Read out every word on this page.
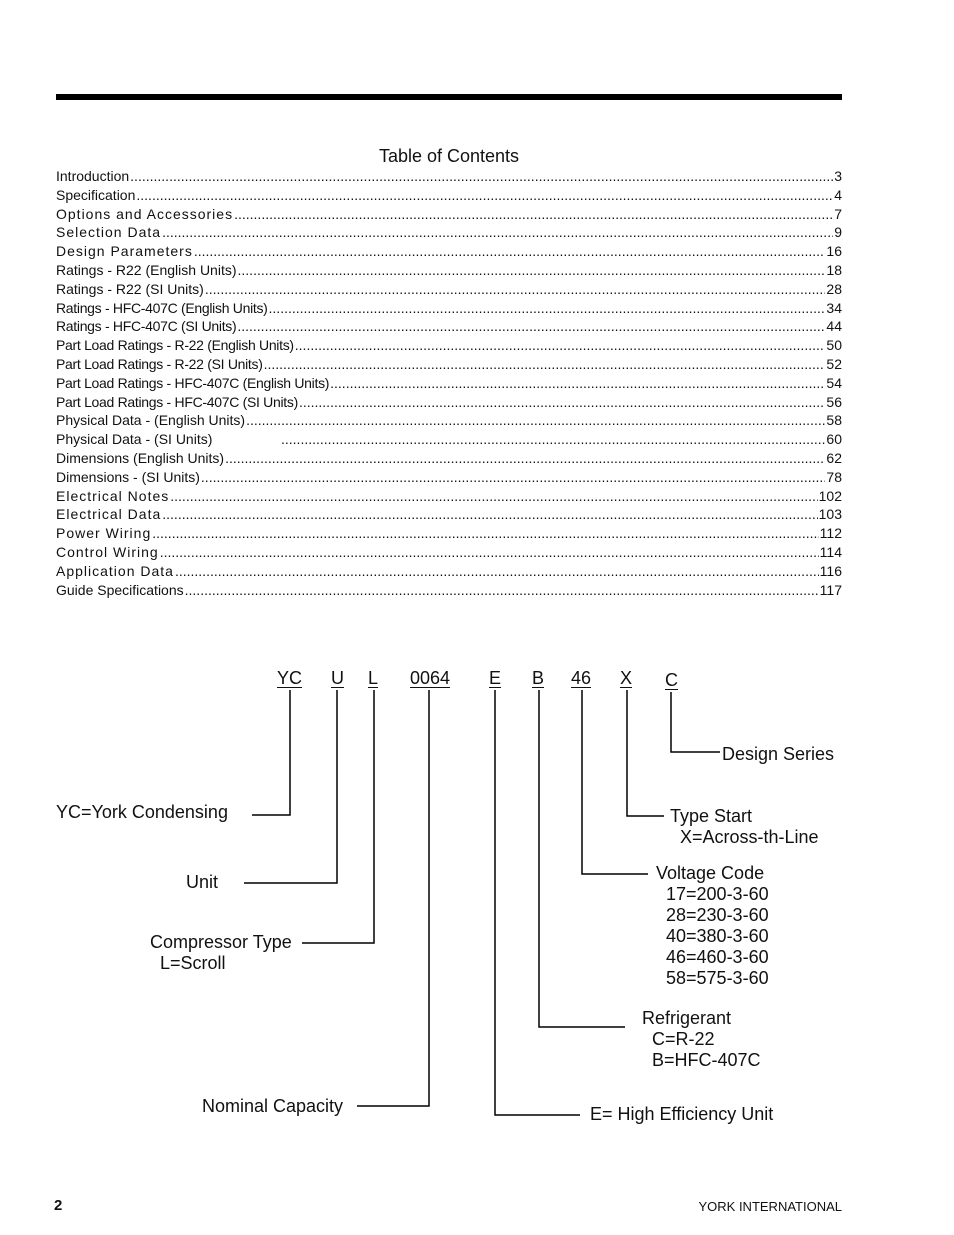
Table of Contents
Introduction .....	3
Specification .....	4
Options and Accessories .....	7
Selection Data .....	9
Design Parameters .....	16
Ratings - R22 (English Units) .....	18
Ratings - R22 (SI Units) .....	28
Ratings - HFC-407C (English Units) .....	34
Ratings - HFC-407C (SI Units) .....	44
Part Load Ratings - R-22 (English Units) .....	50
Part Load Ratings - R-22 (SI Units) .....	52
Part Load Ratings - HFC-407C (English Units) .....	54
Part Load Ratings - HFC-407C (SI Units) .....	56
Physical Data - (English Units) .....	58
Physical Data - (SI Units) .....	60
Dimensions (English Units) .....	62
Dimensions - (SI Units) .....	78
Electrical Notes .....	102
Electrical Data .....	103
Power Wiring .....	112
Control Wiring .....	114
Application Data .....	116
Guide Specifications .....	117
YC U L 0064 E B 46 X C
Design Series
YC=York Condensing	Type Start
X=Across-th-Line
Unit	Voltage Code
17=200-3-60
28=230-3-60
40=380-3-60
46=460-3-60
58=575-3-60
Compressor Type
L=Scroll
Refrigerant
C=R-22
B=HFC-407C
Nominal Capacity	E= High Efficiency Unit
2	YORK INTERNATIONAL
